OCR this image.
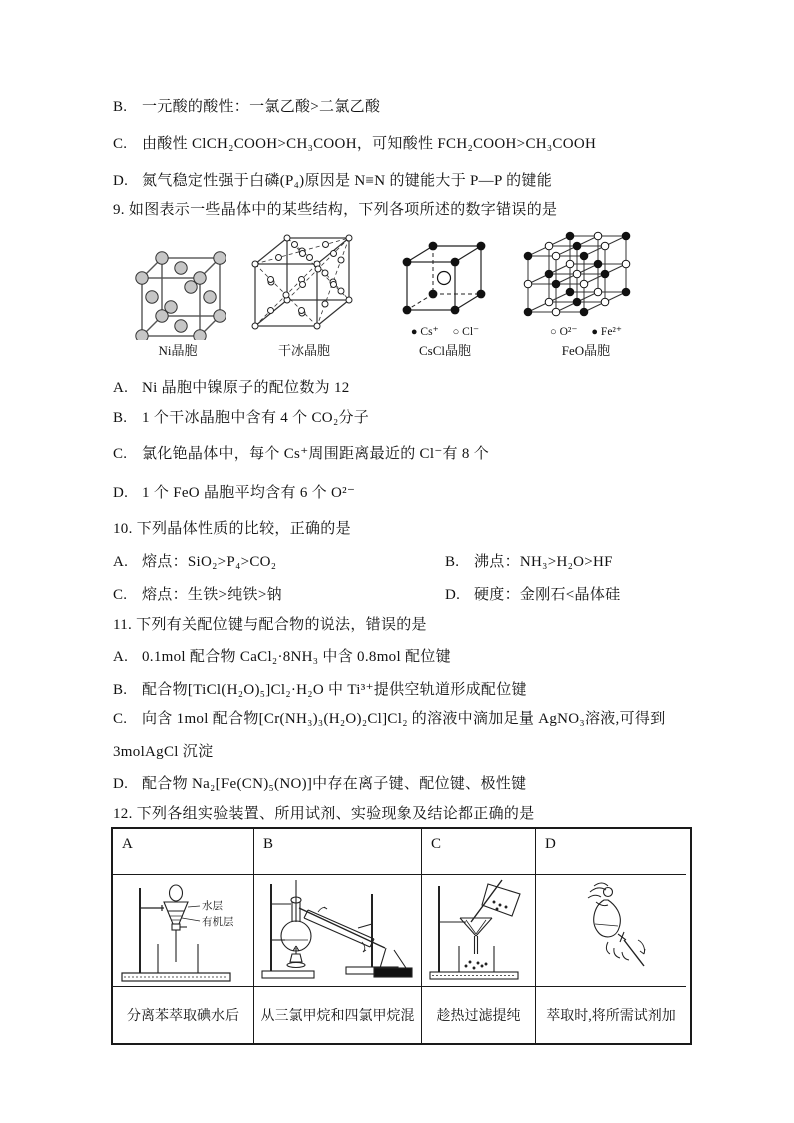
B. 一元酸的酸性：一氯乙酸>二氯乙酸
C. 由酸性 ClCH₂COOH>CH₃COOH，可知酸性 FCH₂COOH>CH₃COOH
D. 氮气稳定性强于白磷(P₄)原因是 N≡N 的键能大于 P—P 的键能
9. 如图表示一些晶体中的某些结构，下列各项所述的数字错误的是
Ni晶胞	干冰晶胞
● Cs⁺ ○ Cl⁻
CsCl晶胞
○ O²⁻ ● Fe²⁺
FeO晶胞
A. Ni 晶胞中镍原子的配位数为 12
B. 1 个干冰晶胞中含有 4 个 CO₂分子
C. 氯化铯晶体中，每个 Cs⁺周围距离最近的 Cl⁻有 8 个
D. 1 个 FeO 晶胞平均含有 6 个 O²⁻
10. 下列晶体性质的比较，正确的是
A. 熔点：SiO₂>P₄>CO₂	B. 沸点：NH₃>H₂O>HF
C. 熔点：生铁>纯铁>钠	D. 硬度：金刚石<晶体硅
11. 下列有关配位键与配合物的说法，错误的是
A. 0.1mol 配合物 CaCl₂·8NH₃ 中含 0.8mol 配位键
B. 配合物[TiCl(H₂O)₅]Cl₂·H₂O 中 Ti³⁺提供空轨道形成配位键
C. 向含 1mol 配合物[Cr(NH₃)₃(H₂O)₂Cl]Cl₂ 的溶液中滴加足量 AgNO₃溶液,可得到 3molAgCl 沉淀
D. 配合物 Na₂[Fe(CN)₅(NO)]中存在离子键、配位键、极性键
12. 下列各组实验装置、所用试剂、实验现象及结论都正确的是
A	B	C	D
水层
有机层
分离苯萃取碘水后	从三氯甲烷和四氯甲烷混	趁热过滤提纯	萃取时,将所需试剂加
